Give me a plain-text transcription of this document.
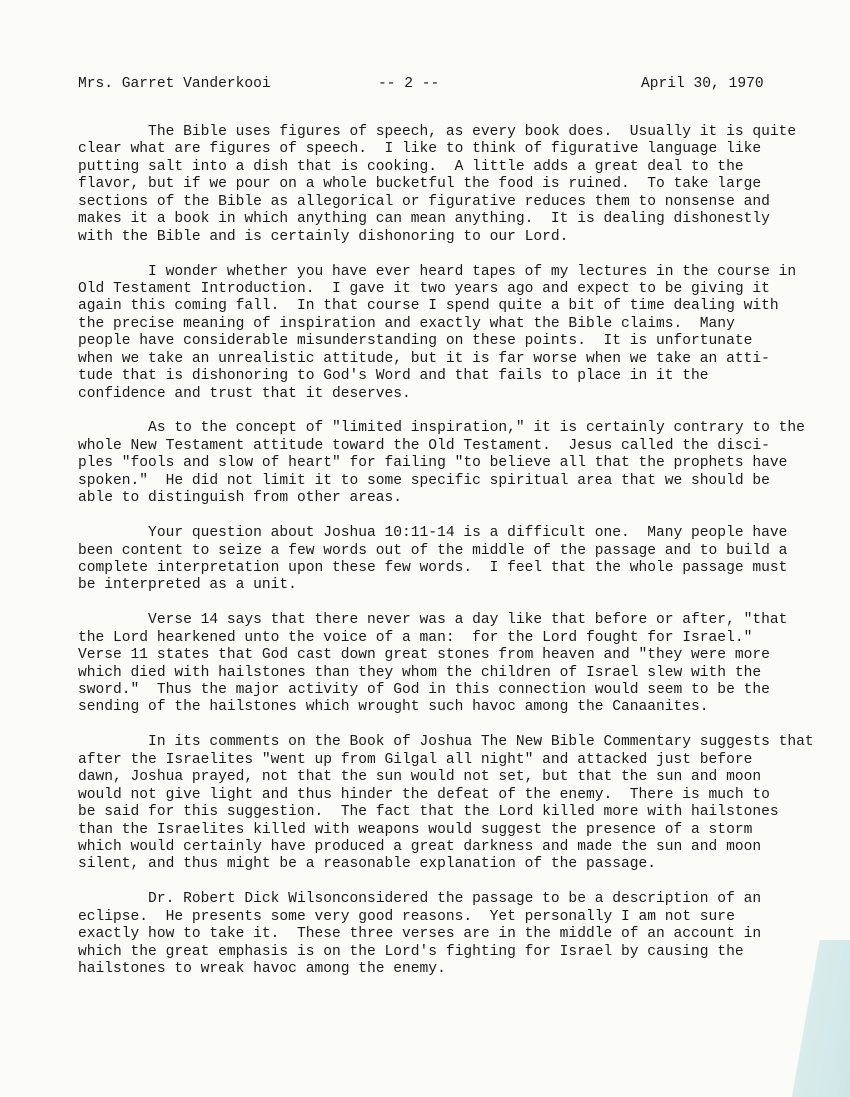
Mrs. Garret Vanderkooi	-- 2 --	April 30, 1970
The Bible uses figures of speech, as every book does.  Usually it is quite
clear what are figures of speech.  I like to think of figurative language like
putting salt into a dish that is cooking.  A little adds a great deal to the
flavor, but if we pour on a whole bucketful the food is ruined.  To take large
sections of the Bible as allegorical or figurative reduces them to nonsense and
makes it a book in which anything can mean anything.  It is dealing dishonestly
with the Bible and is certainly dishonoring to our Lord.
I wonder whether you have ever heard tapes of my lectures in the course in
Old Testament Introduction.  I gave it two years ago and expect to be giving it
again this coming fall.  In that course I spend quite a bit of time dealing with
the precise meaning of inspiration and exactly what the Bible claims.  Many
people have considerable misunderstanding on these points.  It is unfortunate
when we take an unrealistic attitude, but it is far worse when we take an atti-
tude that is dishonoring to God's Word and that fails to place in it the
confidence and trust that it deserves.
As to the concept of "limited inspiration," it is certainly contrary to the
whole New Testament attitude toward the Old Testament.  Jesus called the disci-
ples "fools and slow of heart" for failing "to believe all that the prophets have
spoken."  He did not limit it to some specific spiritual area that we should be
able to distinguish from other areas.
Your question about Joshua 10:11-14 is a difficult one.  Many people have
been content to seize a few words out of the middle of the passage and to build a
complete interpretation upon these few words.  I feel that the whole passage must
be interpreted as a unit.
Verse 14 says that there never was a day like that before or after, "that
the Lord hearkened unto the voice of a man:  for the Lord fought for Israel."
Verse 11 states that God cast down great stones from heaven and "they were more
which died with hailstones than they whom the children of Israel slew with the
sword."  Thus the major activity of God in this connection would seem to be the
sending of the hailstones which wrought such havoc among the Canaanites.
In its comments on the Book of Joshua The New Bible Commentary suggests that
after the Israelites "went up from Gilgal all night" and attacked just before
dawn, Joshua prayed, not that the sun would not set, but that the sun and moon
would not give light and thus hinder the defeat of the enemy.  There is much to
be said for this suggestion.  The fact that the Lord killed more with hailstones
than the Israelites killed with weapons would suggest the presence of a storm
which would certainly have produced a great darkness and made the sun and moon
silent, and thus might be a reasonable explanation of the passage.
Dr. Robert Dick Wilsonconsidered the passage to be a description of an
eclipse.  He presents some very good reasons.  Yet personally I am not sure
exactly how to take it.  These three verses are in the middle of an account in
which the great emphasis is on the Lord's fighting for Israel by causing the
hailstones to wreak havoc among the enemy.
